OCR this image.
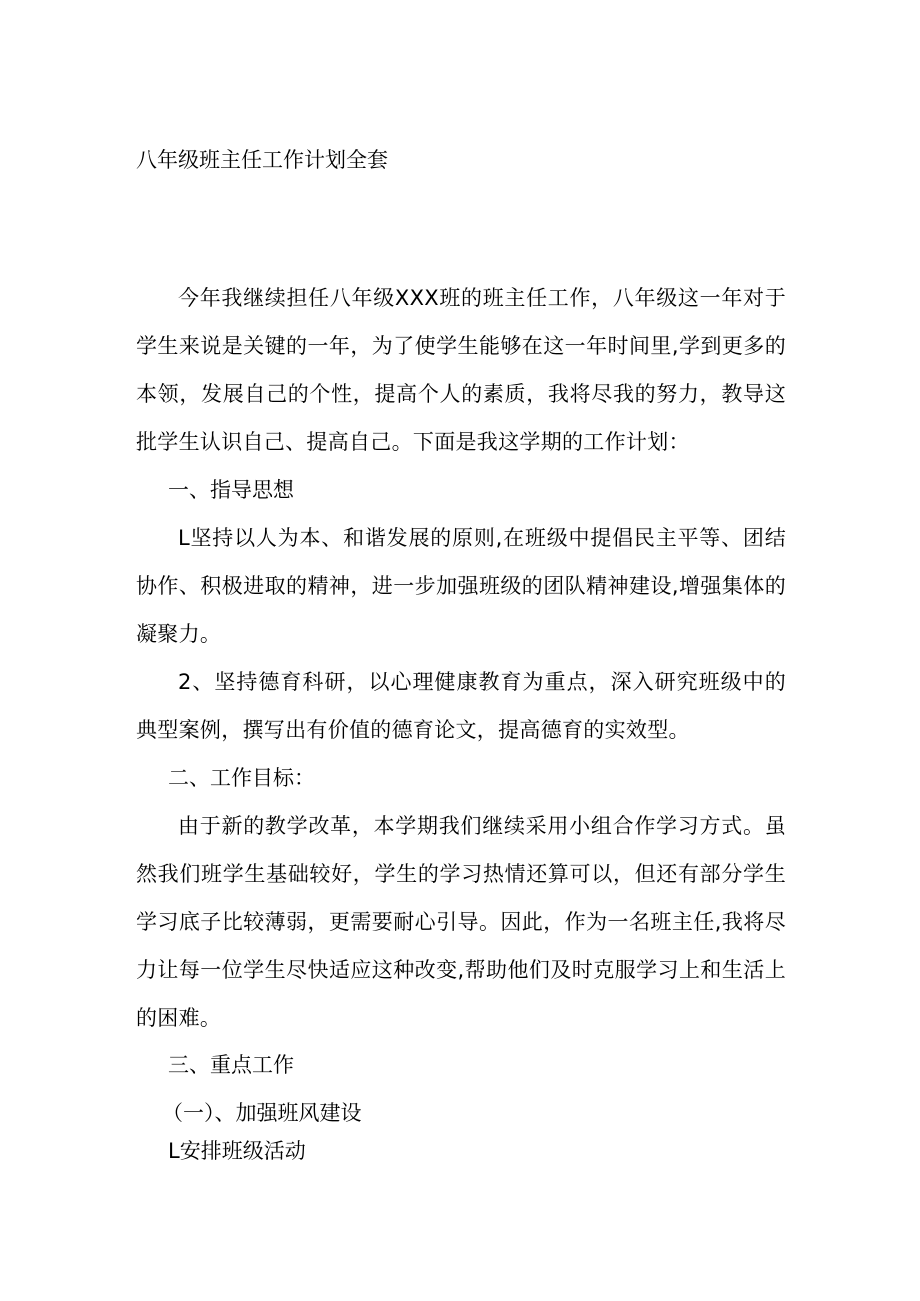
八年级班主任工作计划全套

今年我继续担任八年级XXX班的班主任工作，八年级这一年对于学生来说是关键的一年，为了使学生能够在这一年时间里,学到更多的本领，发展自己的个性，提高个人的素质，我将尽我的努力，教导这批学生认识自己、提高自己。下面是我这学期的工作计划：

一、指导思想

L坚持以人为本、和谐发展的原则,在班级中提倡民主平等、团结协作、积极进取的精神，进一步加强班级的团队精神建设,增强集体的凝聚力。

2、坚持德育科研，以心理健康教育为重点，深入研究班级中的典型案例，撰写出有价值的德育论文，提高德育的实效型。

二、工作目标：

由于新的教学改革，本学期我们继续采用小组合作学习方式。虽然我们班学生基础较好，学生的学习热情还算可以，但还有部分学生学习底子比较薄弱，更需要耐心引导。因此，作为一名班主任,我将尽力让每一位学生尽快适应这种改变,帮助他们及时克服学习上和生活上的困难。

三、重点工作
（一）、加强班风建设
L安排班级活动
